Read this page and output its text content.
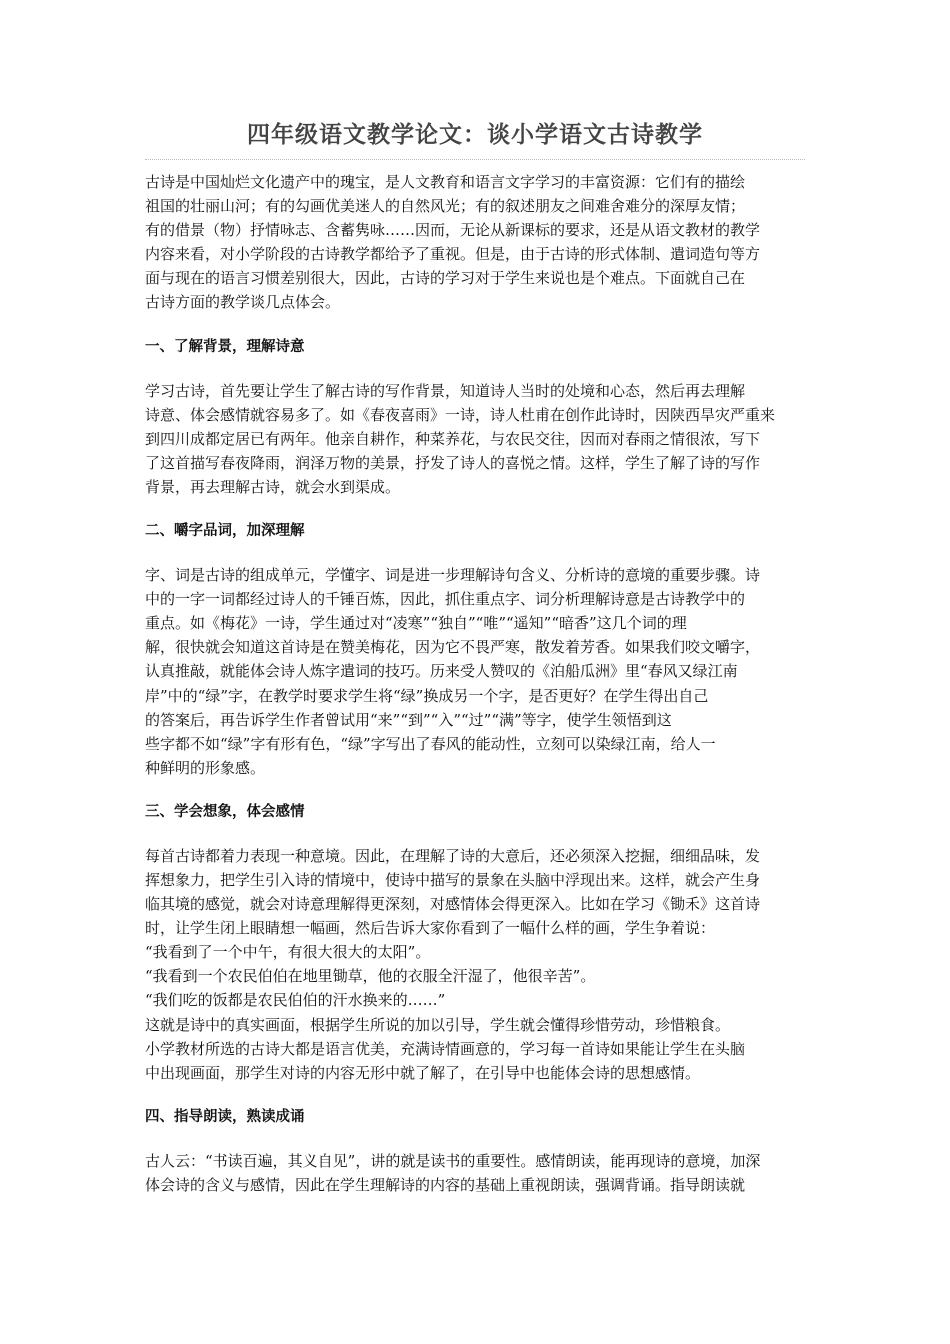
四年级语文教学论文：谈小学语文古诗教学

古诗是中国灿烂文化遗产中的瑰宝，是人文教育和语言文字学习的丰富资源：它们有的描绘
祖国的壮丽山河；有的勾画优美迷人的自然风光；有的叙述朋友之间难舍难分的深厚友情；
有的借景（物）抒情咏志、含蓄隽咏……因而，无论从新课标的要求，还是从语文教材的教学
内容来看，对小学阶段的古诗教学都给予了重视。但是，由于古诗的形式体制、遣词造句等方
面与现在的语言习惯差别很大，因此，古诗的学习对于学生来说也是个难点。下面就自己在
古诗方面的教学谈几点体会。

一、了解背景，理解诗意

学习古诗，首先要让学生了解古诗的写作背景，知道诗人当时的处境和心态，然后再去理解
诗意、体会感情就容易多了。如《春夜喜雨》一诗，诗人杜甫在创作此诗时，因陕西旱灾严重来
到四川成都定居已有两年。他亲自耕作，种菜养花，与农民交往，因而对春雨之情很浓，写下
了这首描写春夜降雨，润泽万物的美景，抒发了诗人的喜悦之情。这样，学生了解了诗的写作
背景，再去理解古诗，就会水到渠成。

二、嚼字品词，加深理解

字、词是古诗的组成单元，学懂字、词是进一步理解诗句含义、分析诗的意境的重要步骤。诗
中的一字一词都经过诗人的千锤百炼，因此，抓住重点字、词分析理解诗意是古诗教学中的
重点。如《梅花》一诗，学生通过对“凌寒”“独自”“唯”“遥知”“暗香”这几个词的理
解，很快就会知道这首诗是在赞美梅花，因为它不畏严寒，散发着芳香。如果我们咬文嚼字，
认真推敲，就能体会诗人炼字遣词的技巧。历来受人赞叹的《泊船瓜洲》里“春风又绿江南
岸”中的“绿”字，在教学时要求学生将“绿”换成另一个字，是否更好？在学生得出自己
的答案后，再告诉学生作者曾试用“来”“到”“入”“过”“满”等字，使学生领悟到这
些字都不如“绿”字有形有色，“绿”字写出了春风的能动性，立刻可以染绿江南，给人一
种鲜明的形象感。

三、学会想象，体会感情

每首古诗都着力表现一种意境。因此，在理解了诗的大意后，还必须深入挖掘，细细品味，发
挥想象力，把学生引入诗的情境中，使诗中描写的景象在头脑中浮现出来。这样，就会产生身
临其境的感觉，就会对诗意理解得更深刻，对感情体会得更深入。比如在学习《锄禾》这首诗
时，让学生闭上眼睛想一幅画，然后告诉大家你看到了一幅什么样的画，学生争着说：
“我看到了一个中午，有很大很大的太阳”。
“我看到一个农民伯伯在地里锄草，他的衣服全汗湿了，他很辛苦”。
“我们吃的饭都是农民伯伯的汗水换来的……”
这就是诗中的真实画面，根据学生所说的加以引导，学生就会懂得珍惜劳动，珍惜粮食。
小学教材所选的古诗大都是语言优美，充满诗情画意的，学习每一首诗如果能让学生在头脑
中出现画面，那学生对诗的内容无形中就了解了，在引导中也能体会诗的思想感情。

四、指导朗读，熟读成诵

古人云：“书读百遍，其义自见”，讲的就是读书的重要性。感情朗读，能再现诗的意境，加深
体会诗的含义与感情，因此在学生理解诗的内容的基础上重视朗读，强调背诵。指导朗读就
